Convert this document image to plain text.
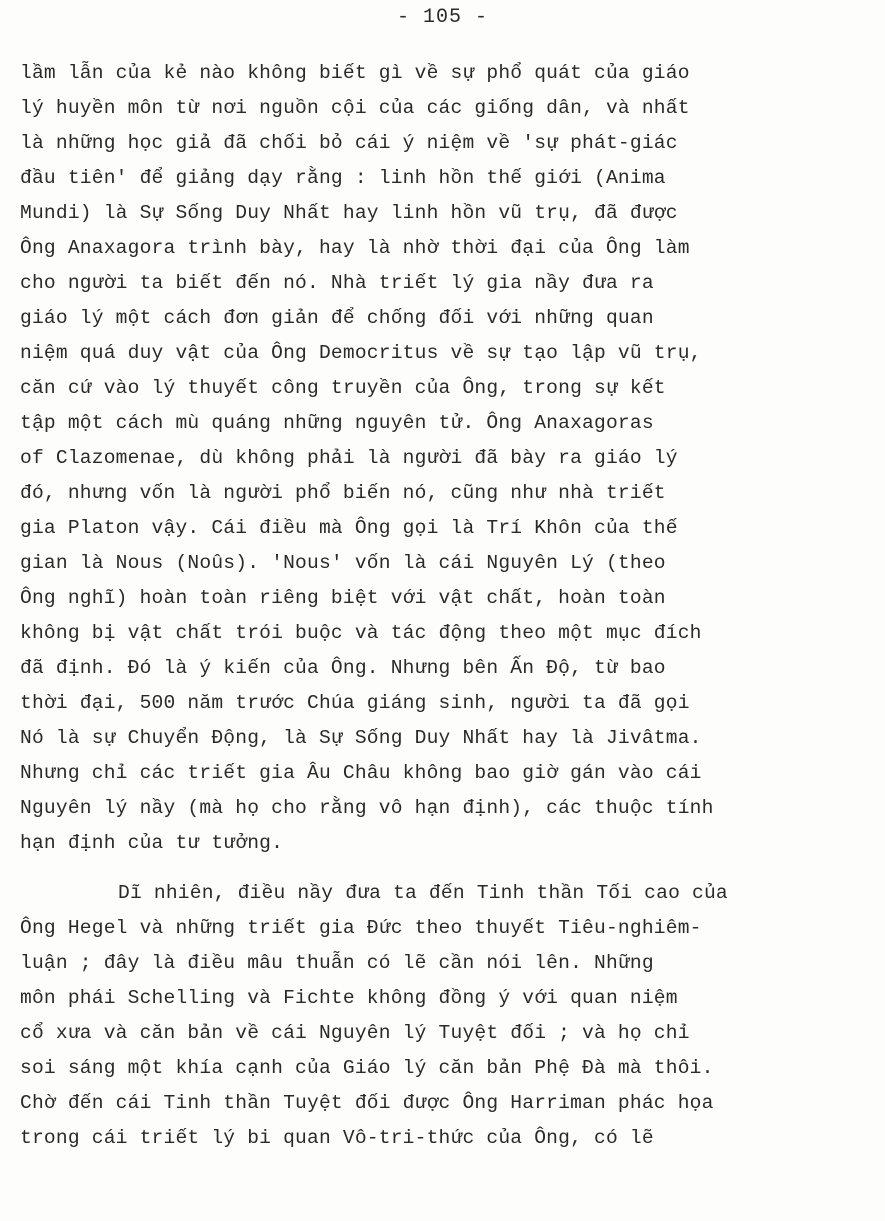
- 105 -
lầm lẫn của kẻ nào không biết gì về sự phổ quát của giáo
lý huyền môn từ nơi nguồn cội của các giống dân, và nhất
là những học giả đã chối bỏ cái ý niệm về 'sự phát-giác
đầu tiên' để giảng dạy rằng : linh hồn thế giới (Anima
Mundi) là Sự Sống Duy Nhất hay linh hồn vũ trụ, đã được
Ông Anaxagora trình bày, hay là nhờ thời đại của Ông làm
cho người ta biết đến nó. Nhà triết lý gia nầy đưa ra
giáo lý một cách đơn giản để chống đối với những quan
niệm quá duy vật của Ông Democritus về sự tạo lập vũ trụ,
căn cứ vào lý thuyết công truyền của Ông, trong sự kết
tập một cách mù quáng những nguyên tử. Ông Anaxagoras
of Clazomenae, dù không phải là người đã bày ra giáo lý
đó, nhưng vốn là người phổ biến nó, cũng như nhà triết
gia Platon vậy. Cái điều mà Ông gọi là Trí Khôn của thế
gian là Nous (Noûs). 'Nous' vốn là cái Nguyên Lý (theo
Ông nghĩ) hoàn toàn riêng biệt với vật chất, hoàn toàn
không bị vật chất trói buộc và tác động theo một mục đích
đã định. Đó là ý kiến của Ông. Nhưng bên Ấn Độ, từ bao
thời đại, 500 năm trước Chúa giáng sinh, người ta đã gọi
Nó là sự Chuyển Động, là Sự Sống Duy Nhất hay là Jivâtma.
Nhưng chỉ các triết gia Âu Châu không bao giờ gán vào cái
Nguyên lý nầy (mà họ cho rằng vô hạn định), các thuộc tính
hạn định của tư tưởng.
Dĩ nhiên, điều nầy đưa ta đến Tinh thần Tối cao của
Ông Hegel và những triết gia Đức theo thuyết Tiêu-nghiêm-
luận ; đây là điều mâu thuẫn có lẽ cần nói lên. Những
môn phái Schelling và Fichte không đồng ý với quan niệm
cổ xưa và căn bản về cái Nguyên lý Tuyệt đối ; và họ chỉ
soi sáng một khía cạnh của Giáo lý căn bản Phệ Đà mà thôi.
Chờ đến cái Tinh thần Tuyệt đối được Ông Harriman phác họa
trong cái triết lý bi quan Vô-tri-thức của Ông, có lẽ
